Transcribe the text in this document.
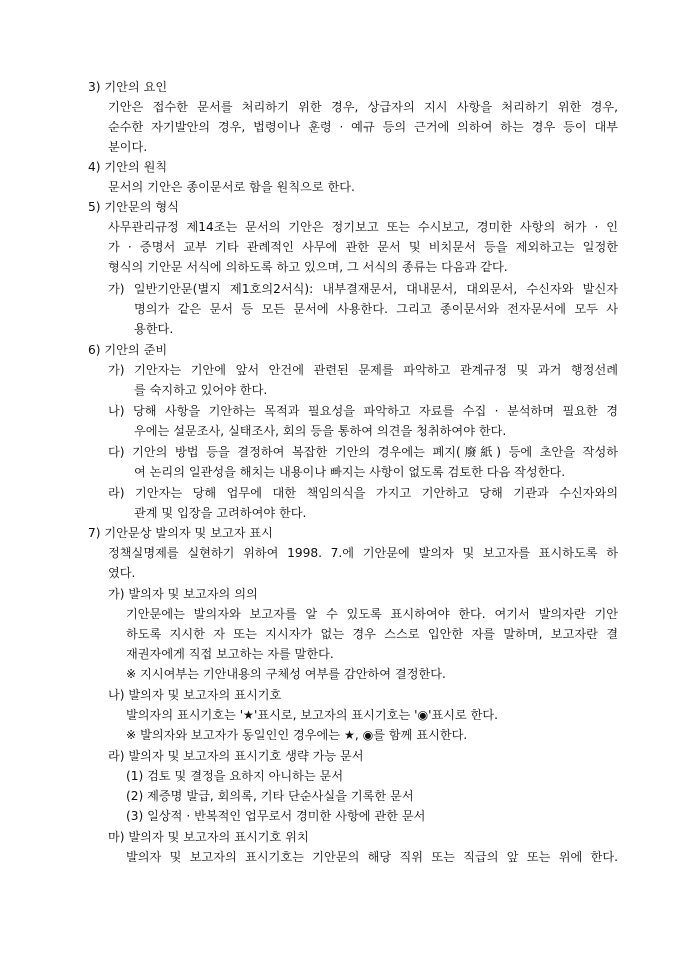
3) 기안의 요인
기안은 접수한 문서를 처리하기 위한 경우, 상급자의 지시 사항을 처리하기 위한 경우,
순수한 자기발안의 경우, 법령이나 훈령 · 예규 등의 근거에 의하여 하는 경우 등이 대부
분이다.
4) 기안의 원칙
문서의 기안은 종이문서로 함을 원칙으로 한다.
5) 기안문의 형식
사무관리규정 제14조는 문서의 기안은 정기보고 또는 수시보고, 경미한 사항의 허가 · 인
가 · 증명서 교부 기타 관례적인 사무에 관한 문서 및 비치문서 등을 제외하고는 일정한
형식의 기안문 서식에 의하도록 하고 있으며, 그 서식의 종류는 다음과 같다.
가) 일반기안문(별지 제1호의2서식): 내부결재문서, 대내문서, 대외문서, 수신자와 발신자
명의가 같은 문서 등 모든 문서에 사용한다. 그리고 종이문서와 전자문서에 모두 사
용한다.
6) 기안의 준비
가) 기안자는 기안에 앞서 안건에 관련된 문제를 파악하고 관계규정 및 과거 행정선례
를 숙지하고 있어야 한다.
나) 당해 사항을 기안하는 목적과 필요성을 파악하고 자료를 수집 · 분석하며 필요한 경
우에는 설문조사, 실태조사, 회의 등을 통하여 의견을 청취하여야 한다.
다) 기안의 방법 등을 결정하여 복잡한 기안의 경우에는 폐지(廢紙) 등에 초안을 작성하
여 논리의 일관성을 해치는 내용이나 빠지는 사항이 없도록 검토한 다음 작성한다.
라) 기안자는 당해 업무에 대한 책임의식을 가지고 기안하고 당해 기관과 수신자와의
관계 및 입장을 고려하여야 한다.
7) 기안문상 발의자 및 보고자 표시
정책실명제를 실현하기 위하여 1998. 7.에 기안문에 발의자 및 보고자를 표시하도록 하
였다.
가) 발의자 및 보고자의 의의
기안문에는 발의자와 보고자를 알 수 있도록 표시하여야 한다. 여기서 발의자란 기안
하도록 지시한 자 또는 지시자가 없는 경우 스스로 입안한 자를 말하며, 보고자란 결
재권자에게 직접 보고하는 자를 말한다.
※ 지시여부는 기안내용의 구체성 여부를 감안하여 결정한다.
나) 발의자 및 보고자의 표시기호
발의자의 표시기호는 '★'표시로, 보고자의 표시기호는 '◉'표시로 한다.
※ 발의자와 보고자가 동일인인 경우에는 ★, ◉를 함께 표시한다.
라) 발의자 및 보고자의 표시기호 생략 가능 문서
(1) 검토 및 결정을 요하지 아니하는 문서
(2) 제증명 발급, 회의록, 기타 단순사실을 기록한 문서
(3) 일상적 · 반복적인 업무로서 경미한 사항에 관한 문서
마) 발의자 및 보고자의 표시기호 위치
발의자 및 보고자의 표시기호는 기안문의 해당 직위 또는 직급의 앞 또는 위에 한다.
